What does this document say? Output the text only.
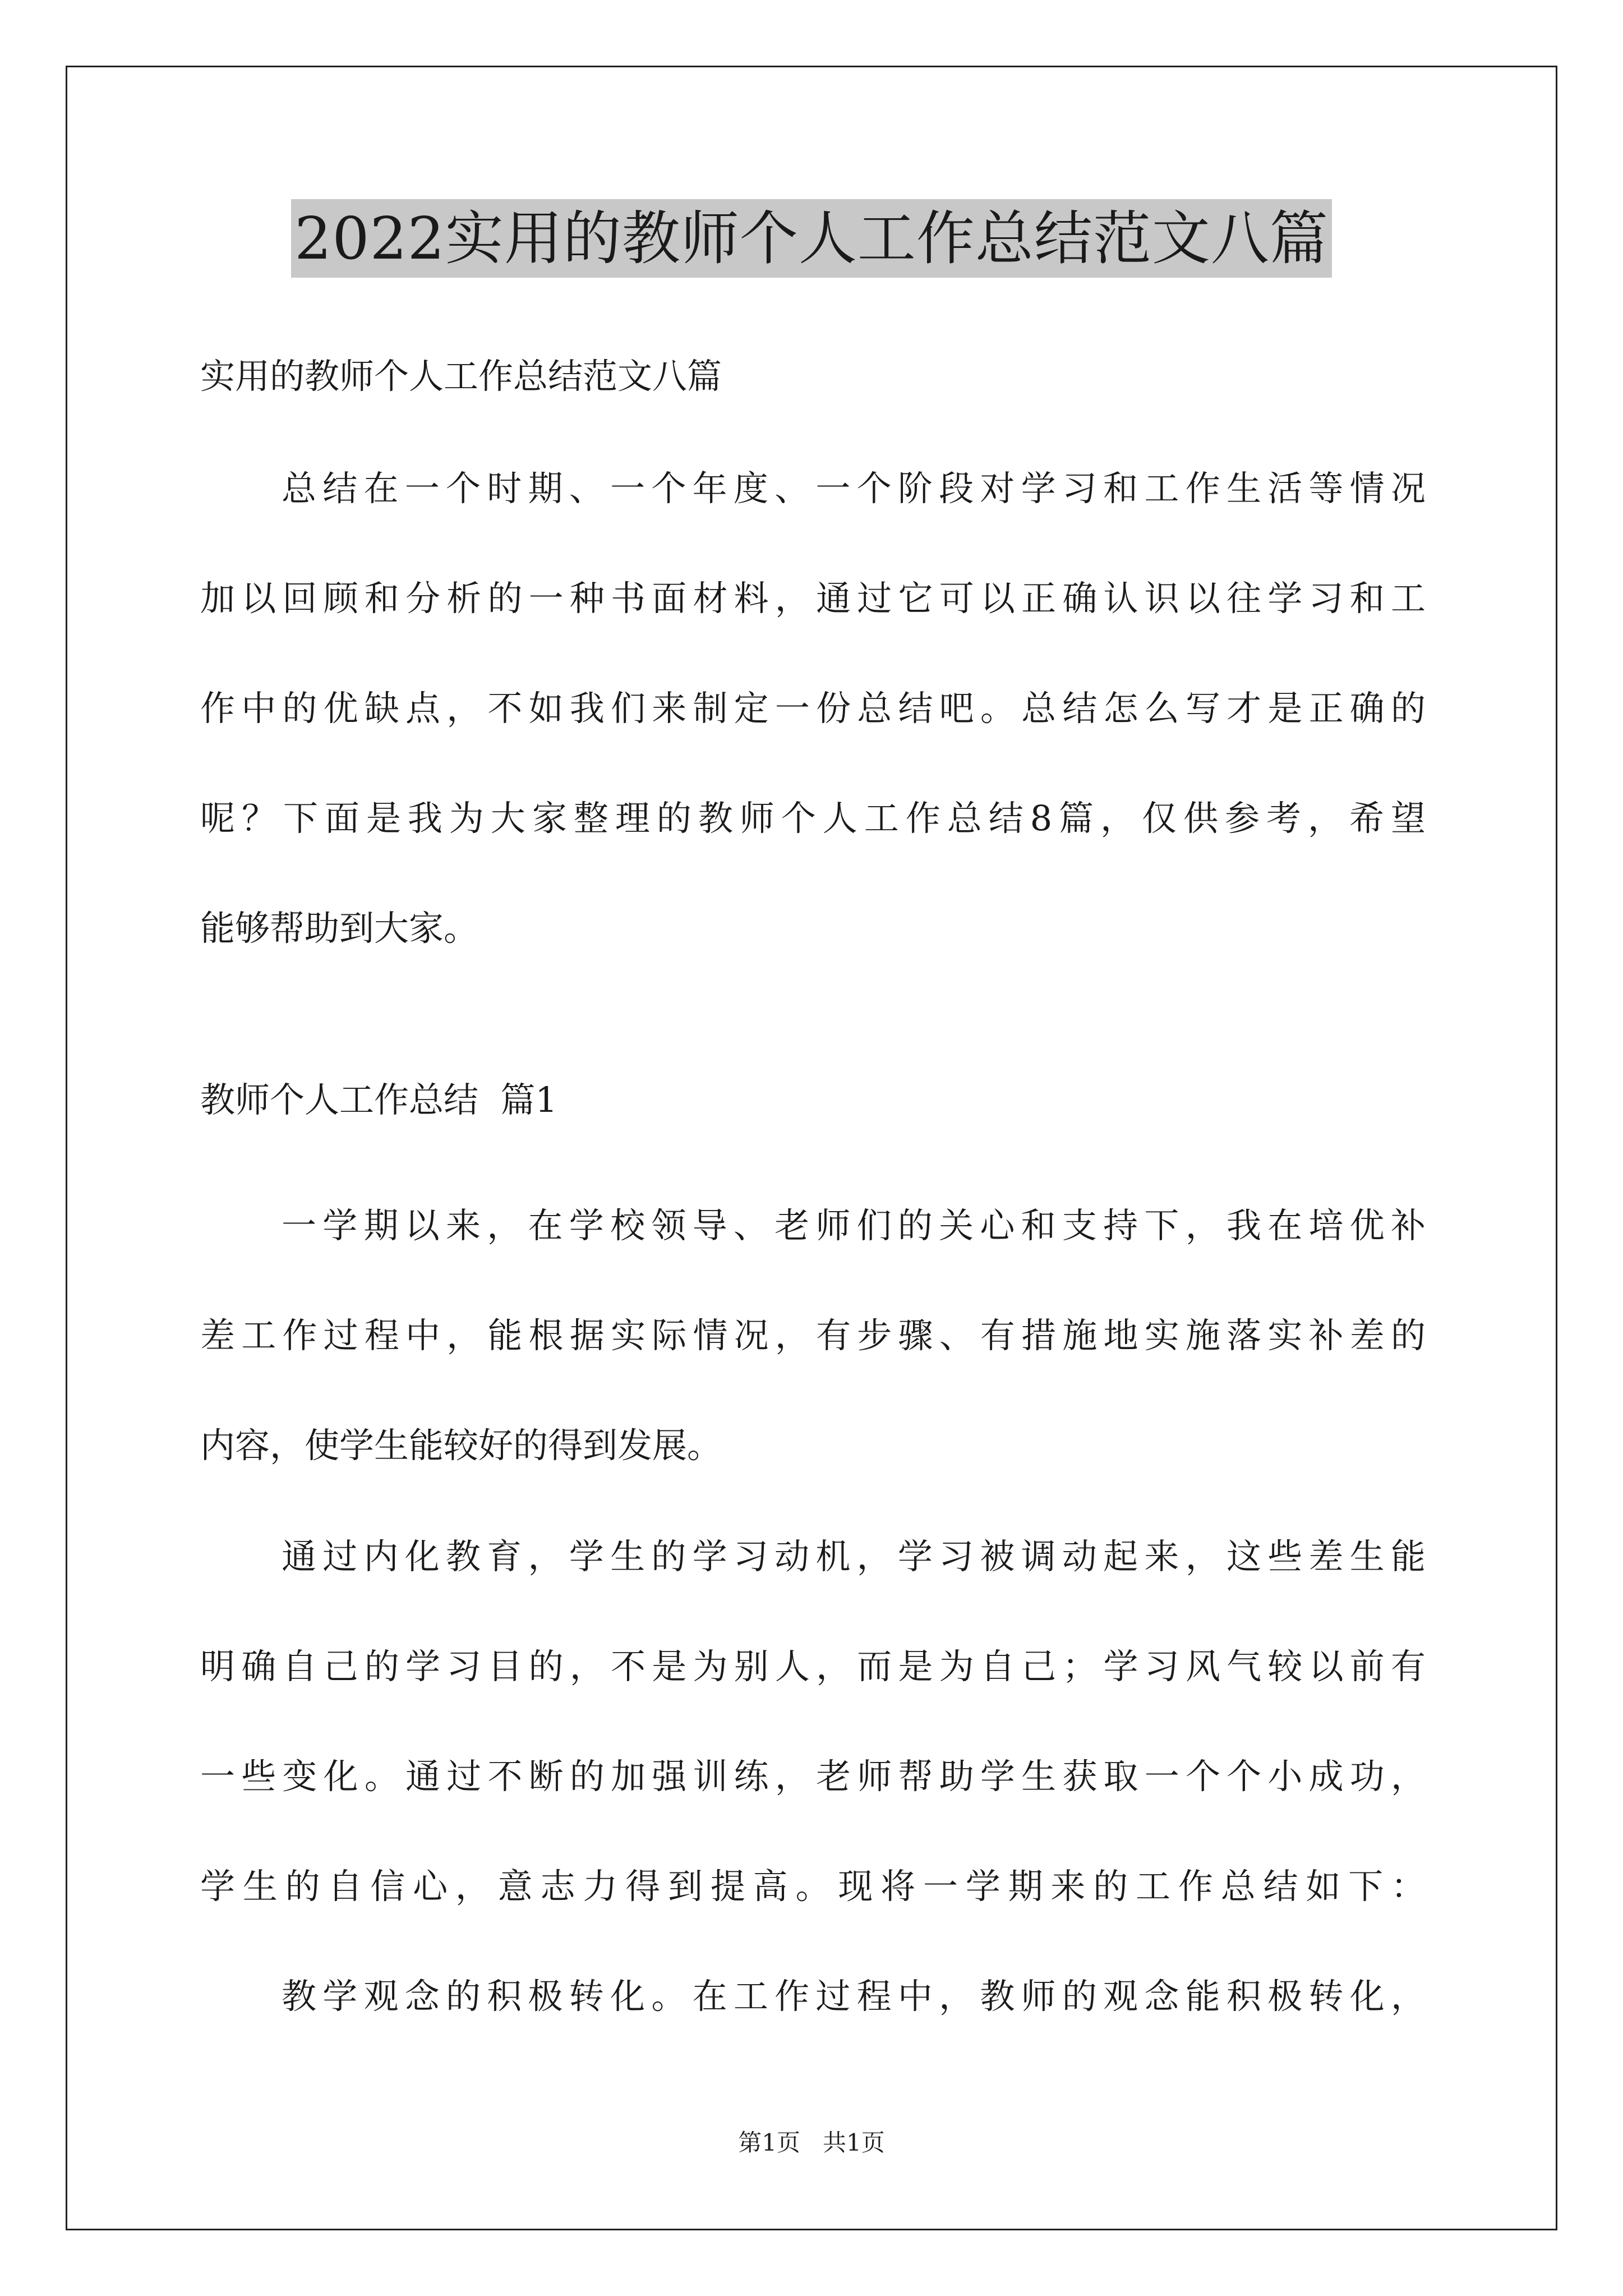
2022实用的教师个人工作总结范文八篇
实用的教师个人工作总结范文八篇
总结在一个时期、一个年度、一个阶段对学习和工作生活等情况
加以回顾和分析的一种书面材料，通过它可以正确认识以往学习和工
作中的优缺点，不如我们来制定一份总结吧。总结怎么写才是正确的
呢？下面是我为大家整理的教师个人工作总结8篇，仅供参考，希望
能够帮助到大家。
教师个人工作总结  篇1
一学期以来，在学校领导、老师们的关心和支持下，我在培优补
差工作过程中，能根据实际情况，有步骤、有措施地实施落实补差的
内容，使学生能较好的得到发展。
通过内化教育，学生的学习动机，学习被调动起来，这些差生能
明确自己的学习目的，不是为别人，而是为自己；学习风气较以前有
一些变化。通过不断的加强训练，老师帮助学生获取一个个小成功，
学生的自信心，意志力得到提高。现将一学期来的工作总结如下：
教学观念的积极转化。在工作过程中，教师的观念能积极转化，
第1页   共1页
